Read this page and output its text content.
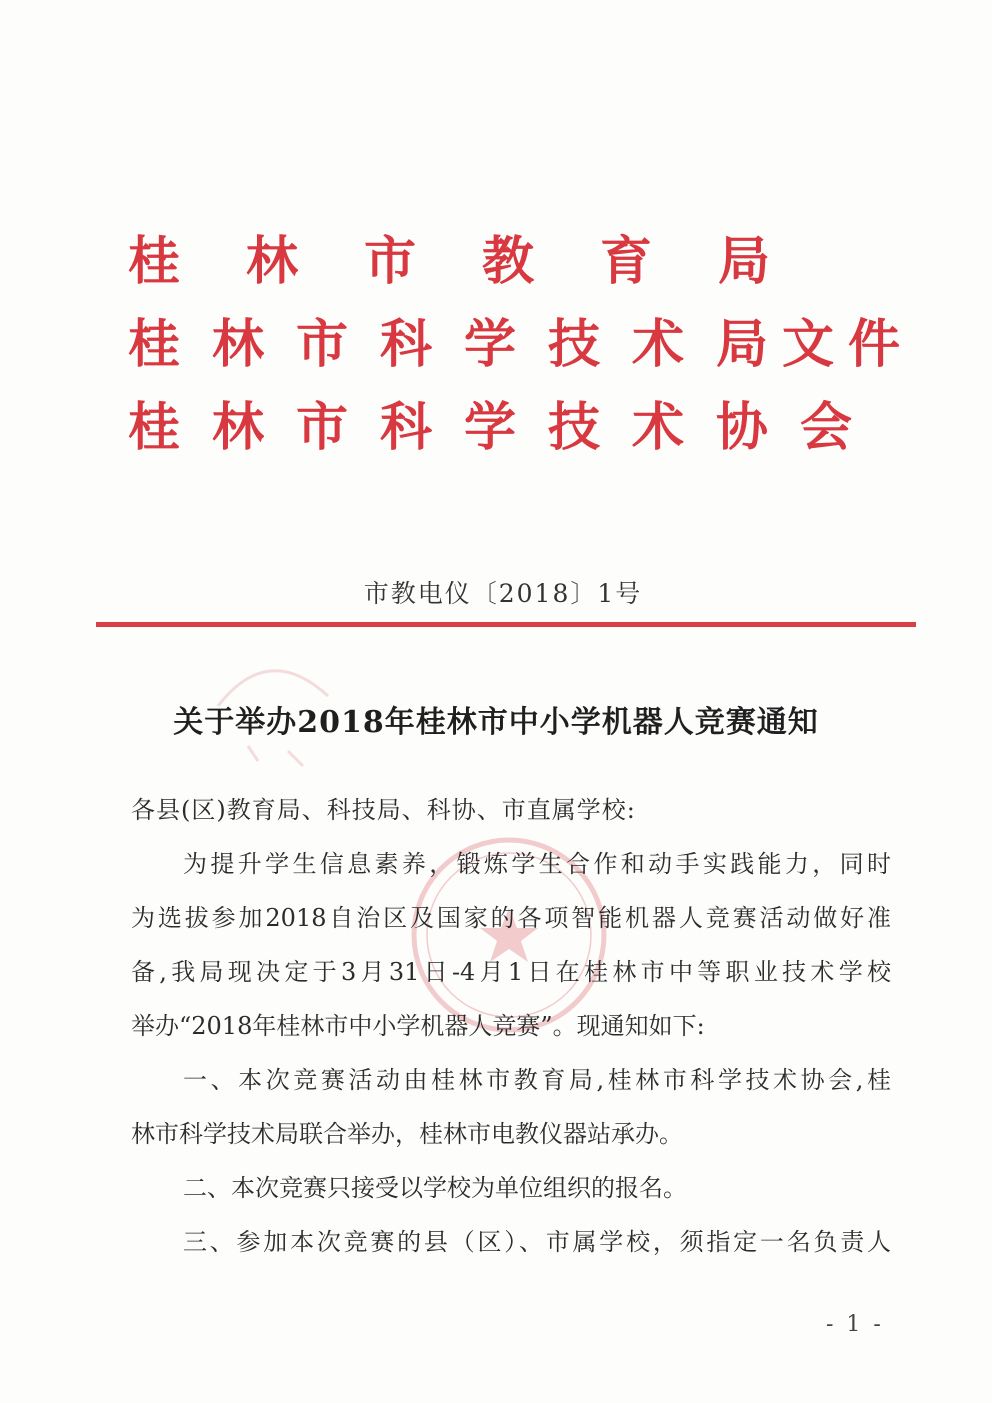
桂 林 市 教 育 局
桂 林 市 科 学 技 术 局 文 件
桂 林 市 科 学 技 术 协 会
市教电仪〔2018〕1号
关于举办2018年桂林市中小学机器人竞赛通知

各县(区)教育局、科技局、科协、市直属学校:

为提升学生信息素养，锻炼学生合作和动手实践能力，同时

为选拔参加2018自治区及国家的各项智能机器人竞赛活动做好准

备,我局现决定于3月31日-4月1日在桂林市中等职业技术学校

举办“2018年桂林市中小学机器人竞赛”。现通知如下:

一、本次竞赛活动由桂林市教育局,桂林市科学技术协会,桂

林市科学技术局联合举办，桂林市电教仪器站承办。

二、本次竞赛只接受以学校为单位组织的报名。

三、参加本次竞赛的县（区）、市属学校，须指定一名负责人

- 1 -
